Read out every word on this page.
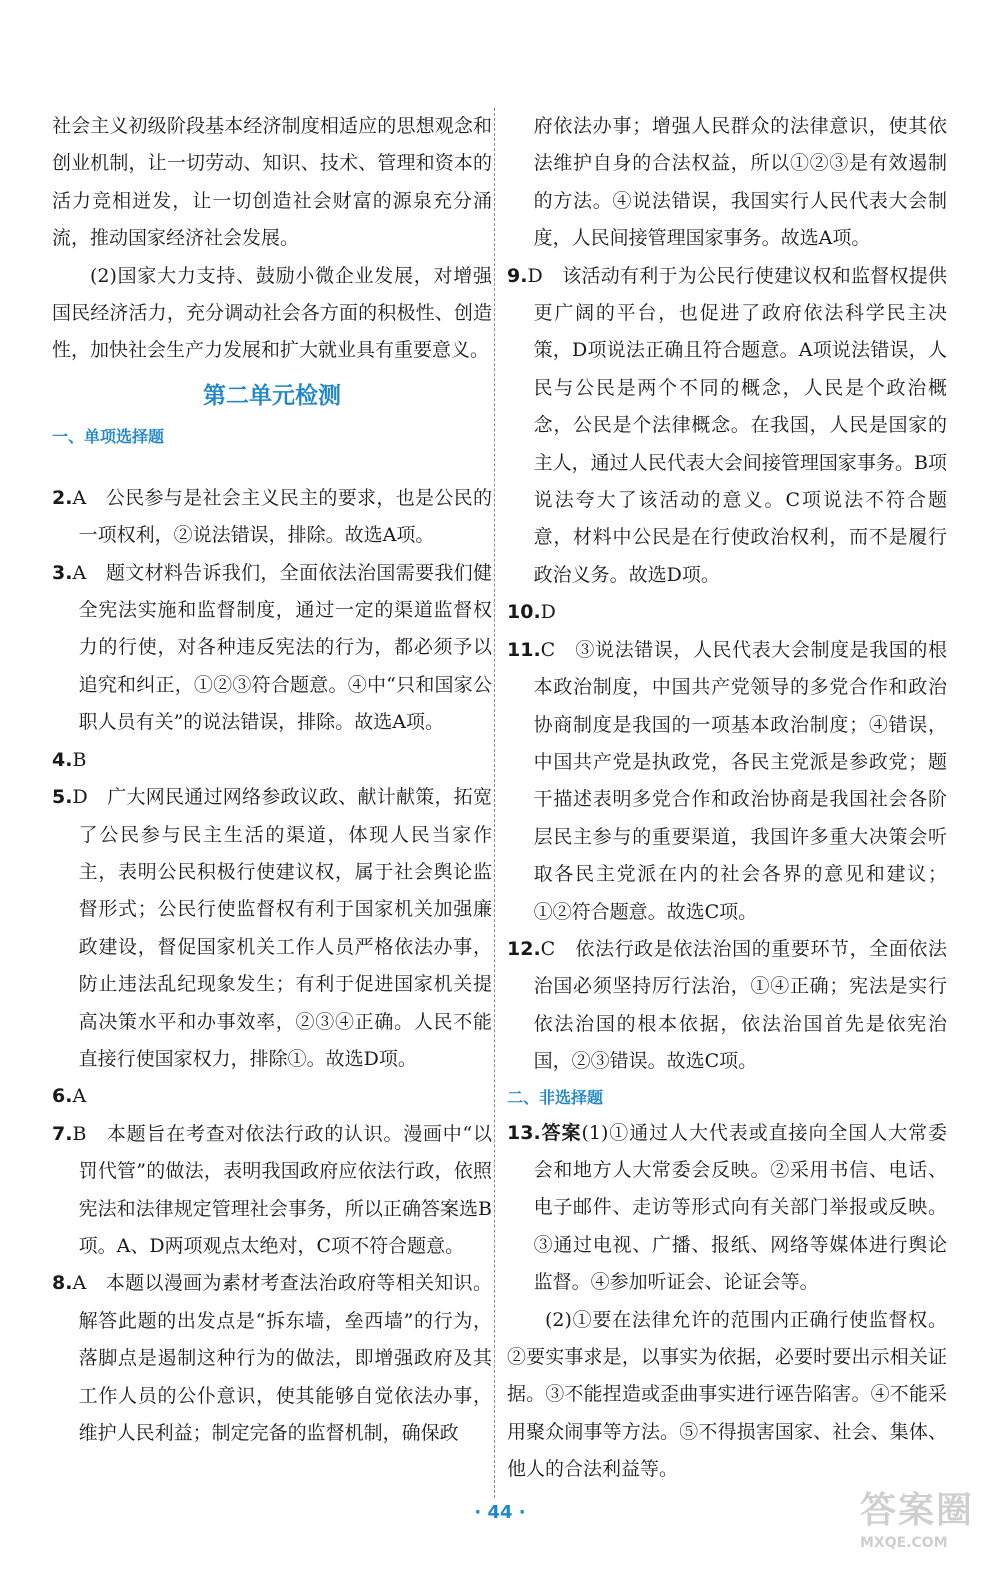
社会主义初级阶段基本经济制度相适应的思想观念和创业机制，让一切劳动、知识、技术、管理和资本的活力竞相迸发，让一切创造社会财富的源泉充分涌流，推动国家经济社会发展。

(2)国家大力支持、鼓励小微企业发展，对增强国民经济活力，充分调动社会各方面的积极性、创造性，加快社会生产力发展和扩大就业具有重要意义。

第二单元检测
一、单项选择题

2.A　公民参与是社会主义民主的要求，也是公民的一项权利，②说法错误，排除。故选A项。

3.A　题文材料告诉我们，全面依法治国需要我们健全宪法实施和监督制度，通过一定的渠道监督权力的行使，对各种违反宪法的行为，都必须予以追究和纠正，①②③符合题意。④中“只和国家公职人员有关”的说法错误，排除。故选A项。

4.B

5.D　广大网民通过网络参政议政、献计献策，拓宽了公民参与民主生活的渠道，体现人民当家作主，表明公民积极行使建议权，属于社会舆论监督形式；公民行使监督权有利于国家机关加强廉政建设，督促国家机关工作人员严格依法办事，防止违法乱纪现象发生；有利于促进国家机关提高决策水平和办事效率，②③④正确。人民不能直接行使国家权力，排除①。故选D项。

6.A

7.B　本题旨在考查对依法行政的认识。漫画中“以罚代管”的做法，表明我国政府应依法行政，依照宪法和法律规定管理社会事务，所以正确答案选B项。A、D两项观点太绝对，C项不符合题意。

8.A　本题以漫画为素材考查法治政府等相关知识。解答此题的出发点是“拆东墙，垒西墙”的行为，落脚点是遏制这种行为的做法，即增强政府及其工作人员的公仆意识，使其能够自觉依法办事，维护人民利益；制定完备的监督机制，确保政

府依法办事；增强人民群众的法律意识，使其依法维护自身的合法权益，所以①②③是有效遏制的方法。④说法错误，我国实行人民代表大会制度，人民间接管理国家事务。故选A项。

9.D　该活动有利于为公民行使建议权和监督权提供更广阔的平台，也促进了政府依法科学民主决策，D项说法正确且符合题意。A项说法错误，人民与公民是两个不同的概念，人民是个政治概念，公民是个法律概念。在我国，人民是国家的主人，通过人民代表大会间接管理国家事务。B项说法夸大了该活动的意义。C项说法不符合题意，材料中公民是在行使政治权利，而不是履行政治义务。故选D项。

10.D

11.C　③说法错误，人民代表大会制度是我国的根本政治制度，中国共产党领导的多党合作和政治协商制度是我国的一项基本政治制度；④错误，中国共产党是执政党，各民主党派是参政党；题干描述表明多党合作和政治协商是我国社会各阶层民主参与的重要渠道，我国许多重大决策会听取各民主党派在内的社会各界的意见和建议；①②符合题意。故选C项。

12.C　依法行政是依法治国的重要环节，全面依法治国必须坚持厉行法治，①④正确；宪法是实行依法治国的根本依据，依法治国首先是依宪治国，②③错误。故选C项。

二、非选择题

13.答案(1)①通过人大代表或直接向全国人大常委会和地方人大常委会反映。②采用书信、电话、电子邮件、走访等形式向有关部门举报或反映。③通过电视、广播、报纸、网络等媒体进行舆论监督。④参加听证会、论证会等。

(2)①要在法律允许的范围内正确行使监督权。②要实事求是，以事实为依据，必要时要出示相关证据。③不能捏造或歪曲事实进行诬告陷害。④不能采用聚众闹事等方法。⑤不得损害国家、社会、集体、他人的合法利益等。

· 44 ·	答案圈
MXQE.COM
